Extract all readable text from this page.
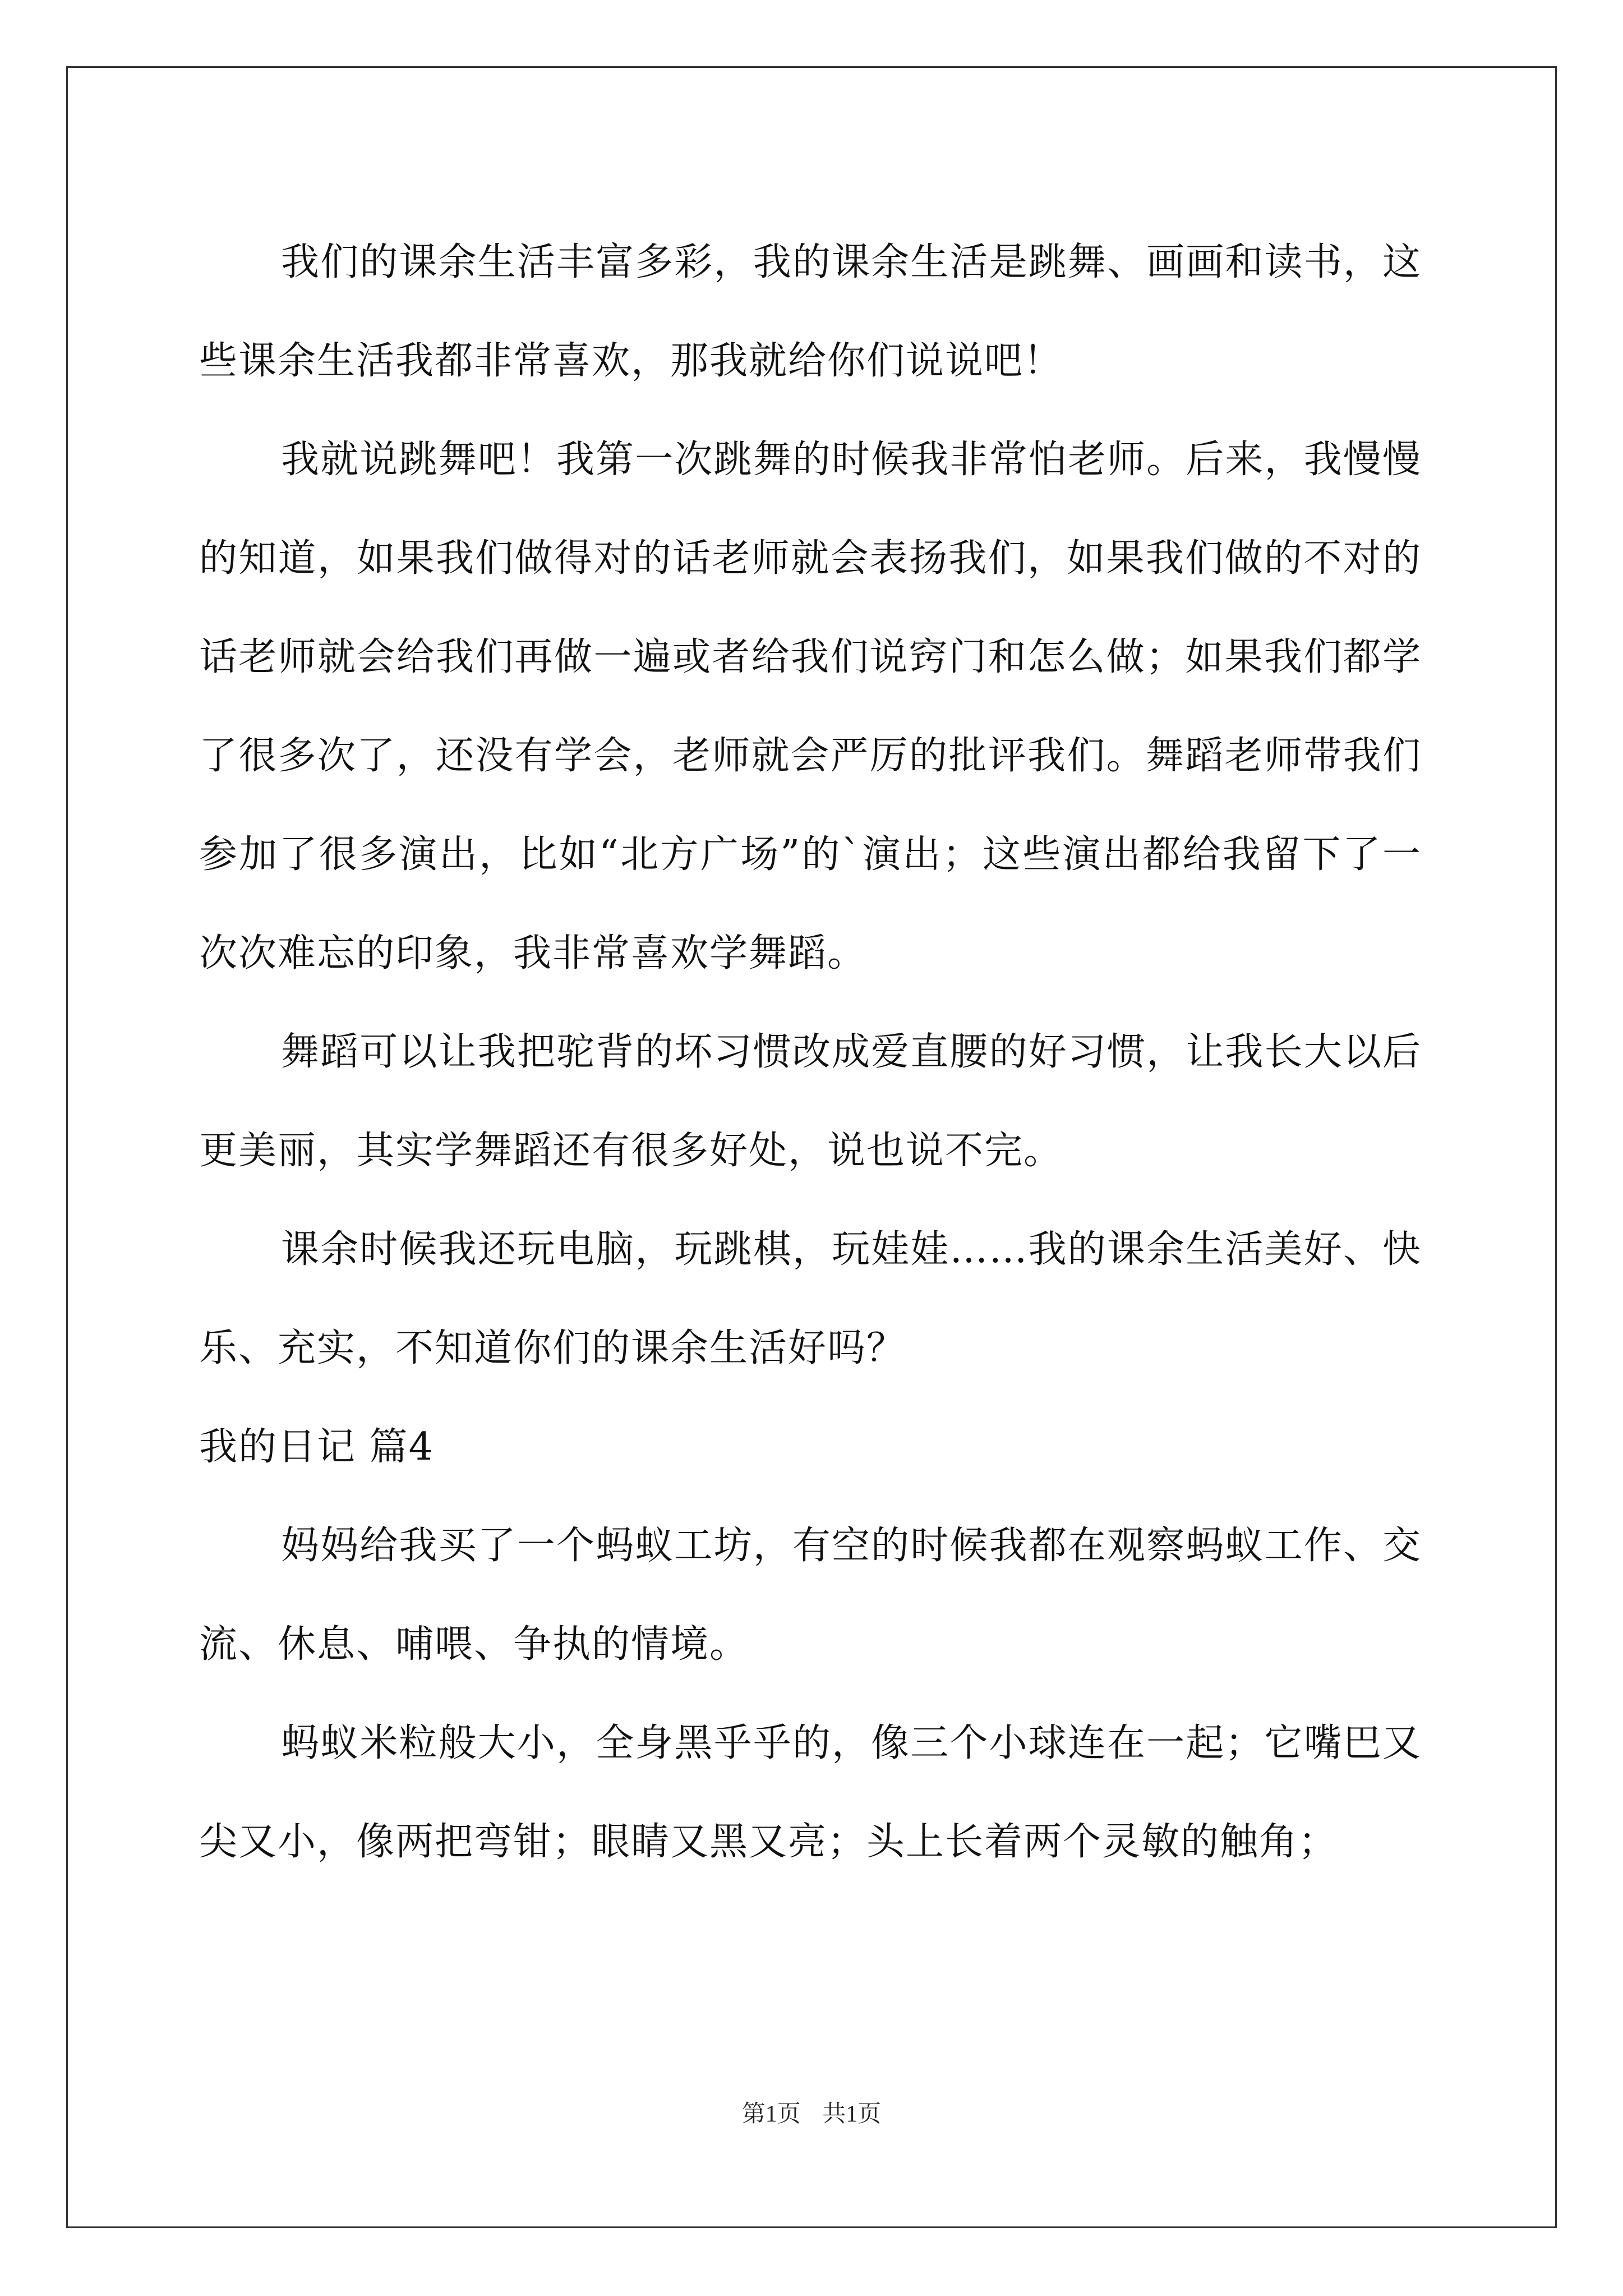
我们的课余生活丰富多彩，我的课余生活是跳舞、画画和读书，这些课余生活我都非常喜欢，那我就给你们说说吧！

我就说跳舞吧！我第一次跳舞的时候我非常怕老师。后来，我慢慢的知道，如果我们做得对的话老师就会表扬我们，如果我们做的不对的话老师就会给我们再做一遍或者给我们说窍门和怎么做；如果我们都学了很多次了，还没有学会，老师就会严厉的批评我们。舞蹈老师带我们参加了很多演出，比如“北方广场”的`演出；这些演出都给我留下了一次次难忘的印象，我非常喜欢学舞蹈。

舞蹈可以让我把驼背的坏习惯改成爱直腰的好习惯，让我长大以后更美丽，其实学舞蹈还有很多好处，说也说不完。

课余时候我还玩电脑，玩跳棋，玩娃娃……我的课余生活美好、快乐、充实，不知道你们的课余生活好吗？

我的日记 篇4

妈妈给我买了一个蚂蚁工坊，有空的时候我都在观察蚂蚁工作、交流、休息、哺喂、争执的情境。

蚂蚁米粒般大小，全身黑乎乎的，像三个小球连在一起；它嘴巴又尖又小，像两把弯钳；眼睛又黑又亮；头上长着两个灵敏的触角；

第1页 共1页
